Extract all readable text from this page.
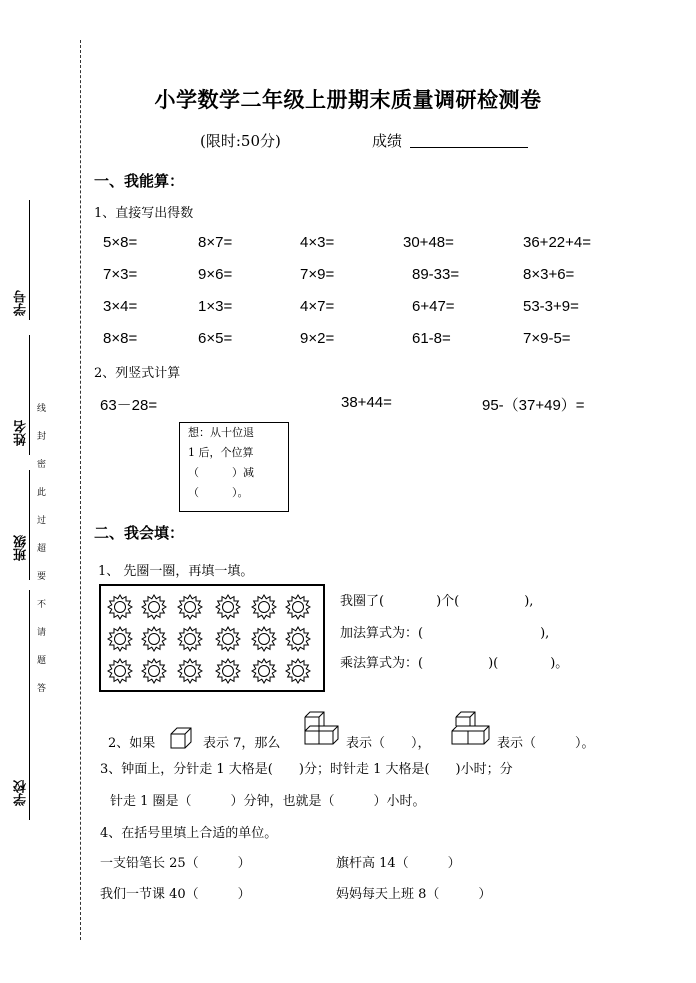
学号
姓名
班级
学校
线
封
密
此
过
超
要
不
请
题
答
小学数学二年级上册期末质量调研检测卷
(限时:50分)	成绩
一、我能算：
1、直接写出得数
5×8=	8×7=	4×3=	30+48=	36+22+4=
7×3=	9×6=	7×9=	89-33=	8×3+6=
3×4=	1×3=	4×7=	6+47=	53-3+9=
8×8=	6×5=	9×2=	61-8=	7×9-5=
2、列竖式计算
63－28=	38+44=	95-（37+49）=
想：从十位退
1 后，个位算
（　　　）减
（　　　）。
二、我会填：
1、 先圈一圈，再填一填。
我圈了(　　　　)个(　　　　　),
加法算式为：(　　　　　　　　　),
乘法算式为：(　　　　　)(　　　　)。
2、如果	表示 7，那么	表示（　　），	表示（　　　）。
3、钟面上，分针走 1 大格是(　　)分；时针走 1 大格是(　　)小时；分
针走 1 圈是（　　　）分钟，也就是（　　　）小时。
4、在括号里填上合适的单位。
一支铅笔长 25（　　　）	旗杆高 14（　　　）
我们一节课 40（　　　）	妈妈每天上班 8（　　　）
